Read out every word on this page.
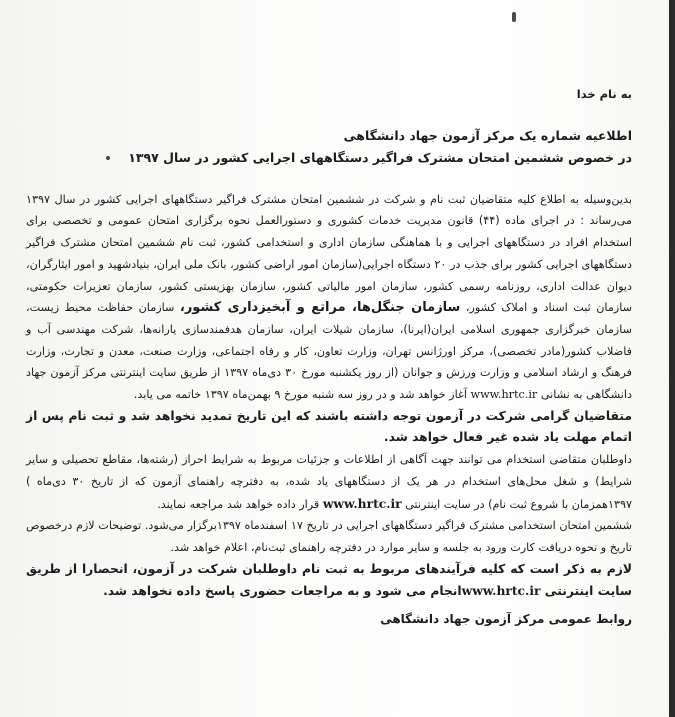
به نام خدا

اطلاعیه شماره یک مرکز آزمون جهاد دانشگاهی

در خصوص ششمین امتحان مشترک فراگیر دستگاههای اجرایی کشور در سال ۱۳۹۷

بدین‌وسیله به اطلاع کلیه متقاضیان ثبت نام و شرکت در ششمین امتحان مشترک فراگیر دستگاههای اجرایی کشور در سال ۱۳۹۷ می‌رساند : در اجرای ماده (۴۴) قانون مدیریت خدمات کشوری و دستورالعمل نحوه برگزاری امتحان عمومی و تخصصی برای استخدام افراد در دستگاههای اجرایی و با هماهنگی سازمان اداری و استخدامی کشور، ثبت نام ششمین امتحان مشترک فراگیر دستگاههای اجرایی کشور برای جذب در ۲۰ دستگاه اجرایی(سازمان امور اراضی کشور، بانک ملی ایران، بنیادشهید و امور ایثارگران، دیوان عدالت اداری، روزنامه رسمی کشور، سازمان امور مالیاتی کشور، سازمان بهزیستی کشور، سازمان تعزیرات حکومتی، سازمان ثبت اسناد و املاک کشور، سازمان جنگل‌ها، مراتع و آبخیزداری کشور، سازمان حفاظت محیط زیست، سازمان خبرگزاری جمهوری اسلامی ایران(ایرنا)، سازمان شیلات ایران، سازمان هدفمندسازی یارانه‌ها، شرکت مهندسی آب و فاضلاب کشور(مادر تخصصی)، مرکز اورژانس تهران، وزارت تعاون، کار و رفاه اجتماعی، وزارت صنعت، معدن و تجارت، وزارت فرهنگ و ارشاد اسلامی و وزارت ورزش و جوانان (از روز یکشنبه مورخ ۳۰ دی‌ماه ۱۳۹۷ از طریق سایت اینترنتی مرکز آزمون جهاد دانشگاهی به نشانی www.hrtc.ir آغاز خواهد شد و در روز سه شنبه مورخ ۹ بهمن‌ماه ۱۳۹۷ خاتمه می یابد.

متقاضیان گرامی شرکت در آزمون توجه داشته باشند که این تاریخ تمدید نخواهد شد و ثبت نام پس از اتمام مهلت یاد شده غیر فعال خواهد شد.

داوطلبان متقاضی استخدام می توانند جهت آگاهی از اطلاعات و جزئیات مربوط به شرایط احراز (رشته‌ها، مقاطع تحصیلی و سایر شرایط) و شغل محل‌های استخدام در هر یک از دستگاههای یاد شده، به دفترچه راهنمای آزمون که از تاریخ ۳۰ دی‌ماه ) ۱۳۹۷همزمان با شروع ثبت نام) در سایت اینترنتی www.hrtc.ir قرار داده خواهد شد مراجعه نمایند.

ششمین امتحان استخدامی مشترک فراگیر دستگاههای اجرایی در تاریخ ۱۷ اسفندماه ۱۳۹۷برگزار می‌شود. توضیحات لازم درخصوص تاریخ و نحوه دریافت کارت ورود به جلسه و سایر موارد در دفترچه راهنمای ثبت‌نام، اعلام خواهد شد.

لازم به ذکر است که کلیه فرآیندهای مربوط به ثبت نام داوطلبان شرکت در آزمون، انحصارا از طریق سایت اینترنتی www.hrtc.irانجام می شود و به مراجعات حضوری پاسخ داده نخواهد شد.

روابط عمومی مرکز آزمون جهاد دانشگاهی
